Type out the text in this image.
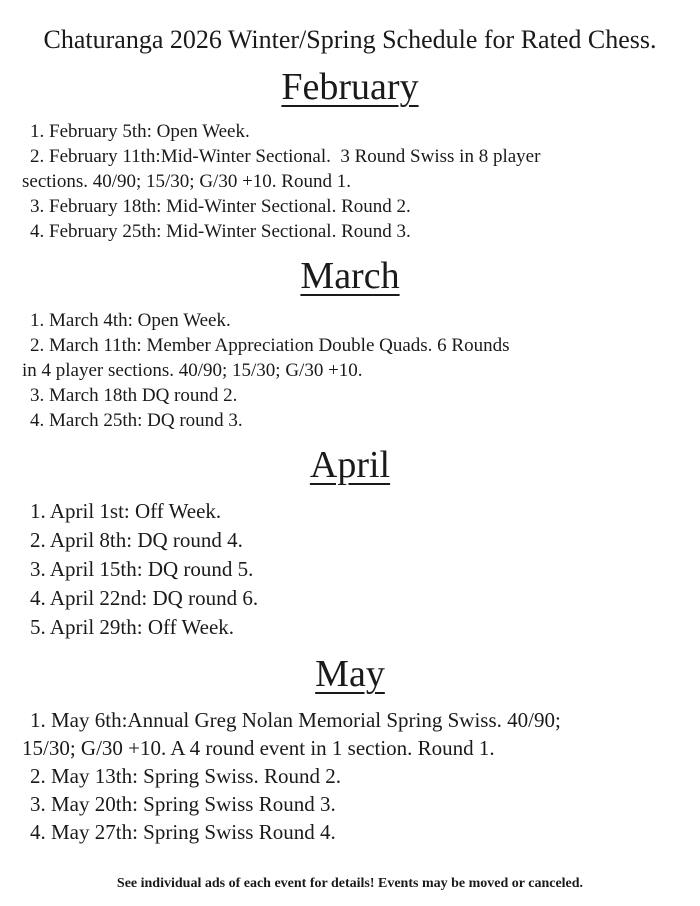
Chaturanga 2026 Winter/Spring Schedule for Rated Chess.
February
1. February 5th: Open Week.
2. February 11th:Mid-Winter Sectional.  3 Round Swiss in 8 player
sections. 40/90; 15/30; G/30 +10. Round 1.
3. February 18th: Mid-Winter Sectional. Round 2.
4. February 25th: Mid-Winter Sectional. Round 3.
March
1. March 4th: Open Week.
2. March 11th: Member Appreciation Double Quads. 6 Rounds
in 4 player sections. 40/90; 15/30; G/30 +10.
3. March 18th DQ round 2.
4. March 25th: DQ round 3.
April
1. April 1st: Off Week.
2. April 8th: DQ round 4.
3. April 15th: DQ round 5.
4. April 22nd: DQ round 6.
5. April 29th: Off Week.
May
1. May 6th:Annual Greg Nolan Memorial Spring Swiss. 40/90;
15/30; G/30 +10. A 4 round event in 1 section. Round 1.
2. May 13th: Spring Swiss. Round 2.
3. May 20th: Spring Swiss Round 3.
4. May 27th: Spring Swiss Round 4.
See individual ads of each event for details! Events may be moved or canceled.
